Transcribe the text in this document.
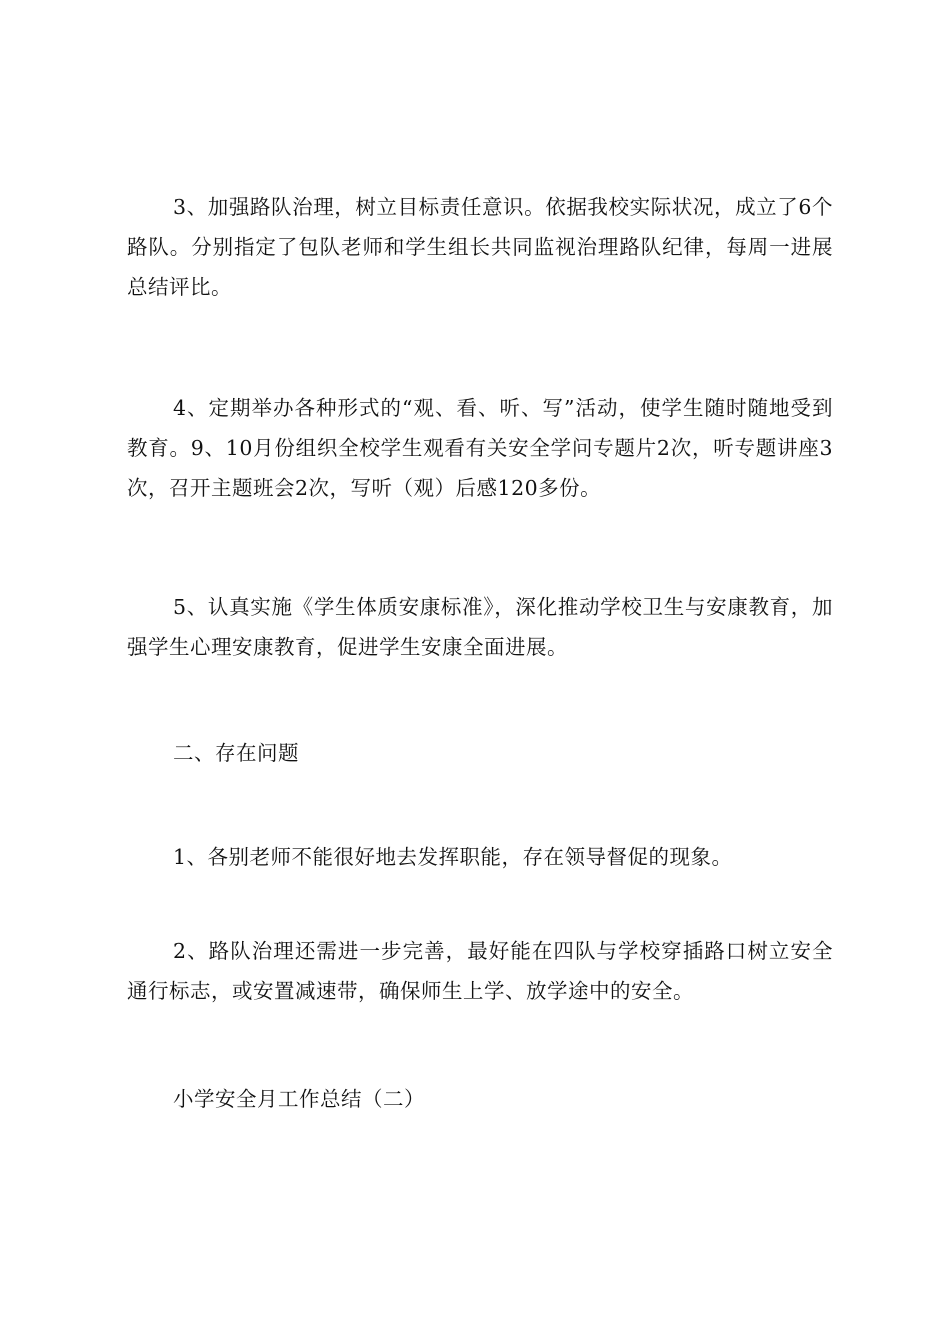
3、加强路队治理，树立目标责任意识。依据我校实际状况，成立了6个路队。分别指定了包队老师和学生组长共同监视治理路队纪律，每周一进展总结评比。

4、定期举办各种形式的“观、看、听、写”活动，使学生随时随地受到教育。9、10月份组织全校学生观看有关安全学问专题片2次，听专题讲座3次，召开主题班会2次，写听（观）后感120多份。

5、认真实施《学生体质安康标准》，深化推动学校卫生与安康教育，加强学生心理安康教育，促进学生安康全面进展。

二、存在问题

1、各别老师不能很好地去发挥职能，存在领导督促的现象。

2、路队治理还需进一步完善，最好能在四队与学校穿插路口树立安全通行标志，或安置减速带，确保师生上学、放学途中的安全。

小学安全月工作总结（二）
